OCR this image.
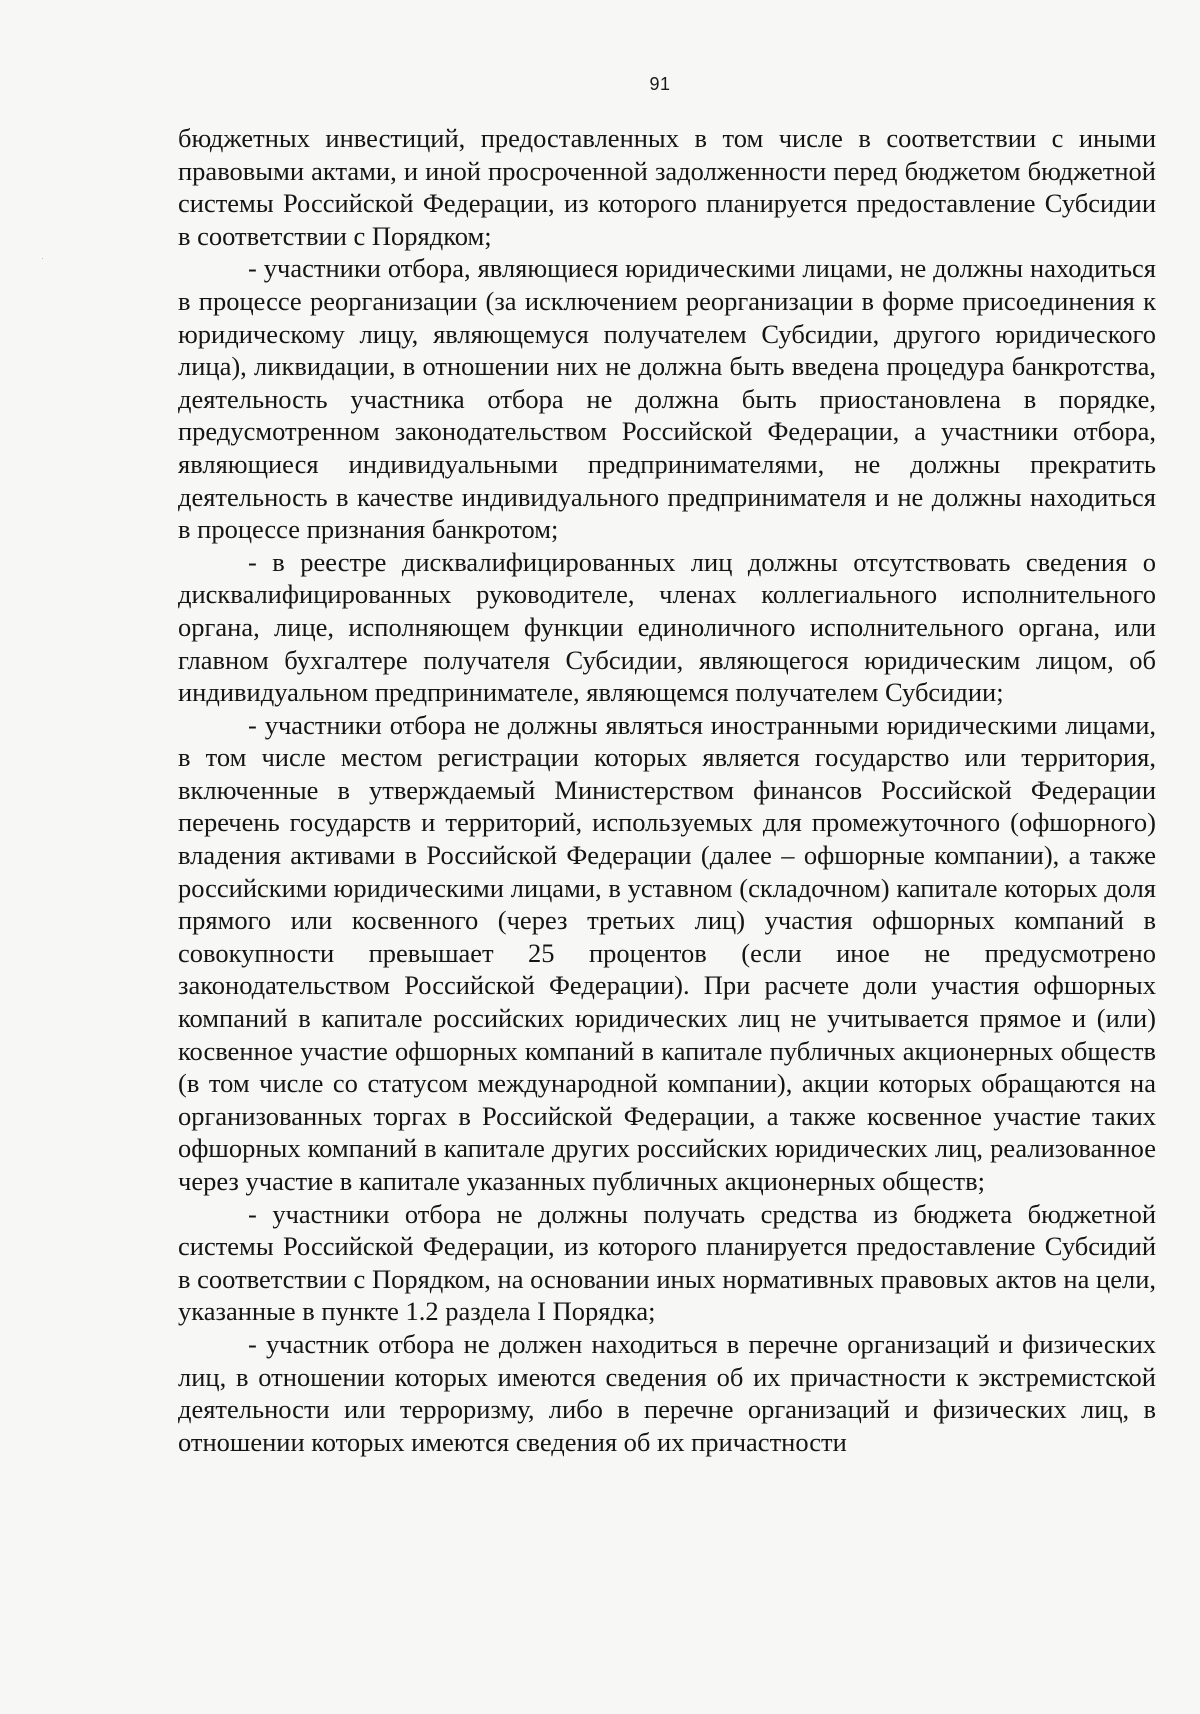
91

бюджетных инвестиций, предоставленных в том числе в соответствии с иными правовыми актами, и иной просроченной задолженности перед бюджетом бюджетной системы Российской Федерации, из которого планируется предоставление Субсидии в соответствии с Порядком;

- участники отбора, являющиеся юридическими лицами, не должны находиться в процессе реорганизации (за исключением реорганизации в форме присоединения к юридическому лицу, являющемуся получателем Субсидии, другого юридического лица), ликвидации, в отношении них не должна быть введена процедура банкротства, деятельность участника отбора не должна быть приостановлена в порядке, предусмотренном законодательством Российской Федерации, а участники отбора, являющиеся индивидуальными предпринимателями, не должны прекратить деятельность в качестве индивидуального предпринимателя и не должны находиться в процессе признания банкротом;

- в реестре дисквалифицированных лиц должны отсутствовать сведения о дисквалифицированных руководителе, членах коллегиального исполнительного органа, лице, исполняющем функции единоличного исполнительного органа, или главном бухгалтере получателя Субсидии, являющегося юридическим лицом, об индивидуальном предпринимателе, являющемся получателем Субсидии;

- участники отбора не должны являться иностранными юридическими лицами, в том числе местом регистрации которых является государство или территория, включенные в утверждаемый Министерством финансов Российской Федерации перечень государств и территорий, используемых для промежуточного (офшорного) владения активами в Российской Федерации (далее – офшорные компании), а также российскими юридическими лицами, в уставном (складочном) капитале которых доля прямого или косвенного (через третьих лиц) участия офшорных компаний в совокупности превышает 25 процентов (если иное не предусмотрено законодательством Российской Федерации). При расчете доли участия офшорных компаний в капитале российских юридических лиц не учитывается прямое и (или) косвенное участие офшорных компаний в капитале публичных акционерных обществ (в том числе со статусом международной компании), акции которых обращаются на организованных торгах в Российской Федерации, а также косвенное участие таких офшорных компаний в капитале других российских юридических лиц, реализованное через участие в капитале указанных публичных акционерных обществ;

- участники отбора не должны получать средства из бюджета бюджетной системы Российской Федерации, из которого планируется предоставление Субсидий в соответствии с Порядком, на основании иных нормативных правовых актов на цели, указанные в пункте 1.2 раздела I Порядка;

- участник отбора не должен находиться в перечне организаций и физических лиц, в отношении которых имеются сведения об их причастности к экстремистской деятельности или терроризму, либо в перечне организаций и физических лиц, в отношении которых имеются сведения об их причастности
